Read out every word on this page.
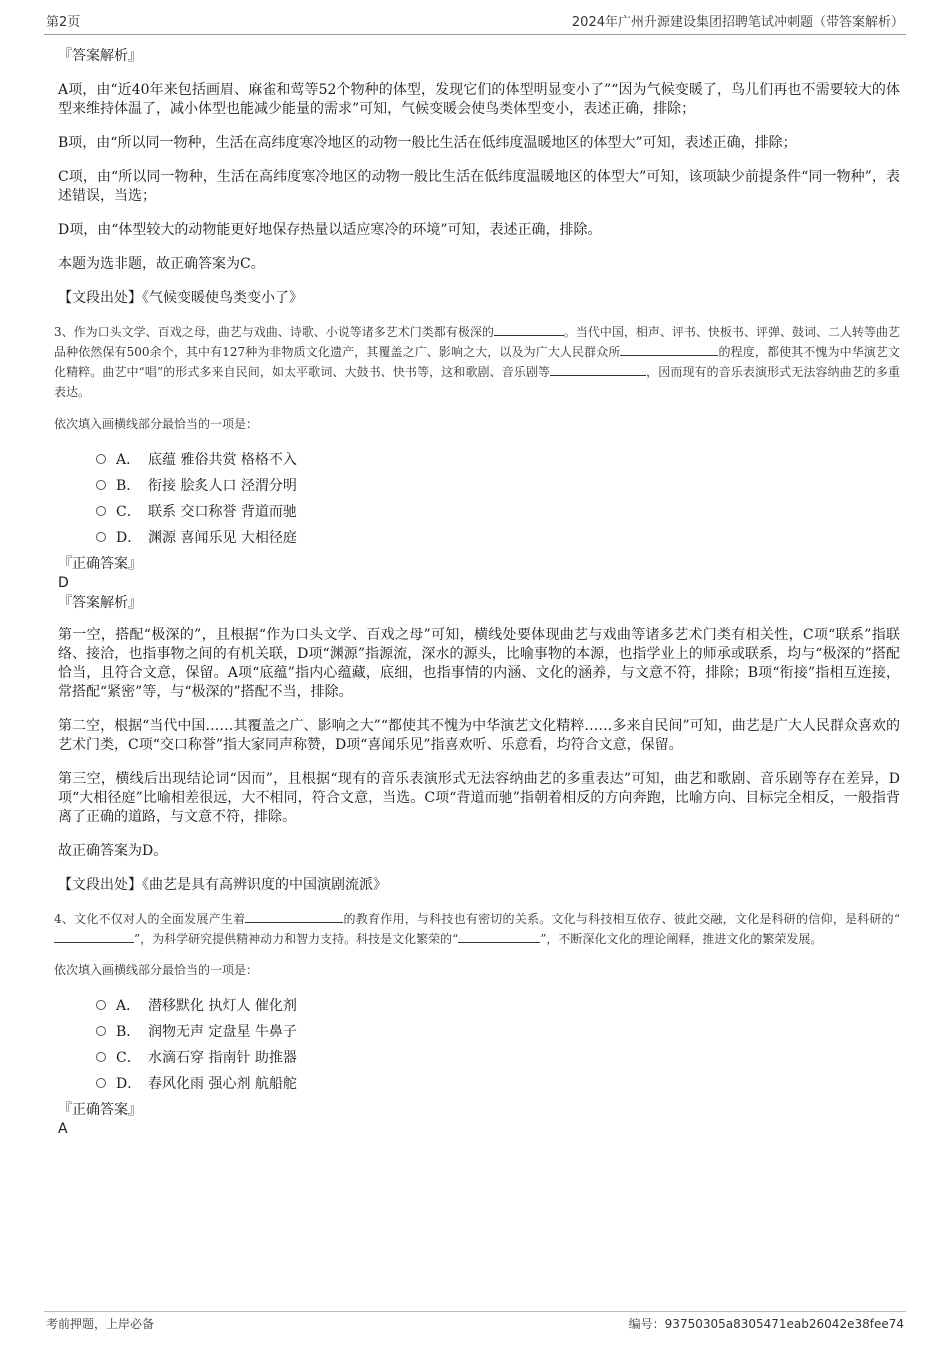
第2页	2024年广州升源建设集团招聘笔试冲刺题（带答案解析）
『答案解析』

A项，由“近40年来包括画眉、麻雀和莺等52个物种的体型，发现它们的体型明显变小了”“因为气候变暖了，鸟儿们再也不需要较大的体型来维持体温了，减小体型也能减少能量的需求”可知，气候变暖会使鸟类体型变小，表述正确，排除；

B项，由“所以同一物种，生活在高纬度寒冷地区的动物一般比生活在低纬度温暖地区的体型大”可知，表述正确，排除；

C项，由“所以同一物种，生活在高纬度寒冷地区的动物一般比生活在低纬度温暖地区的体型大”可知，该项缺少前提条件“同一物种”，表述错误，当选；

D项，由“体型较大的动物能更好地保存热量以适应寒冷的环境”可知，表述正确，排除。

本题为选非题，故正确答案为C。

【文段出处】《气候变暖使鸟类变小了》

3、作为口头文学、百戏之母，曲艺与戏曲、诗歌、小说等诸多艺术门类都有极深的	。当代中国，相声、评书、快板书、评弹、鼓词、二人转等曲艺品种依然保有500余个，其中有127种为非物质文化遗产，其覆盖之广、影响之大，以及为广大人民群众所	的程度，都使其不愧为中华演艺文化精粹。曲艺中“唱”的形式多来自民间，如太平歌词、大鼓书、快书等，这和歌剧、音乐剧等	，因而现有的音乐表演形式无法容纳曲艺的多重表达。

依次填入画横线部分最恰当的一项是：

A． 底蕴 雅俗共赏 格格不入
B． 衔接 脍炙人口 泾渭分明
C． 联系 交口称誉 背道而驰
D． 渊源 喜闻乐见 大相径庭
『正确答案』
D
『答案解析』

第一空，搭配“极深的”，且根据“作为口头文学、百戏之母”可知，横线处要体现曲艺与戏曲等诸多艺术门类有相关性，C项“联系”指联络、接洽，也指事物之间的有机关联，D项“渊源”指源流，深水的源头，比喻事物的本源，也指学业上的师承或联系，均与“极深的”搭配恰当，且符合文意，保留。A项“底蕴”指内心蕴藏，底细，也指事情的内涵、文化的涵养，与文意不符，排除；B项“衔接”指相互连接，常搭配“紧密”等，与“极深的”搭配不当，排除。

第二空，根据“当代中国……其覆盖之广、影响之大”“都使其不愧为中华演艺文化精粹……多来自民间”可知，曲艺是广大人民群众喜欢的艺术门类，C项“交口称誉”指大家同声称赞，D项“喜闻乐见”指喜欢听、乐意看，均符合文意，保留。

第三空，横线后出现结论词“因而”，且根据“现有的音乐表演形式无法容纳曲艺的多重表达”可知，曲艺和歌剧、音乐剧等存在差异，D项“大相径庭”比喻相差很远，大不相同，符合文意，当选。C项“背道而驰”指朝着相反的方向奔跑，比喻方向、目标完全相反，一般指背离了正确的道路，与文意不符，排除。

故正确答案为D。

【文段出处】《曲艺是具有高辨识度的中国演剧流派》

4、文化不仅对人的全面发展产生着	的教育作用，与科技也有密切的关系。文化与科技相互依存、彼此交融，文化是科研的信仰，是科研的“”，为科学研究提供精神动力和智力支持。科技是文化繁荣的“	”，不断深化文化的理论阐释，推进文化的繁荣发展。

依次填入画横线部分最恰当的一项是：

A． 潜移默化 执灯人 催化剂
B． 润物无声 定盘星 牛鼻子
C． 水滴石穿 指南针 助推器
D． 春风化雨 强心剂 航船舵
『正确答案』
A
考前押题，上岸必备	编号：93750305a8305471eab26042e38fee74
